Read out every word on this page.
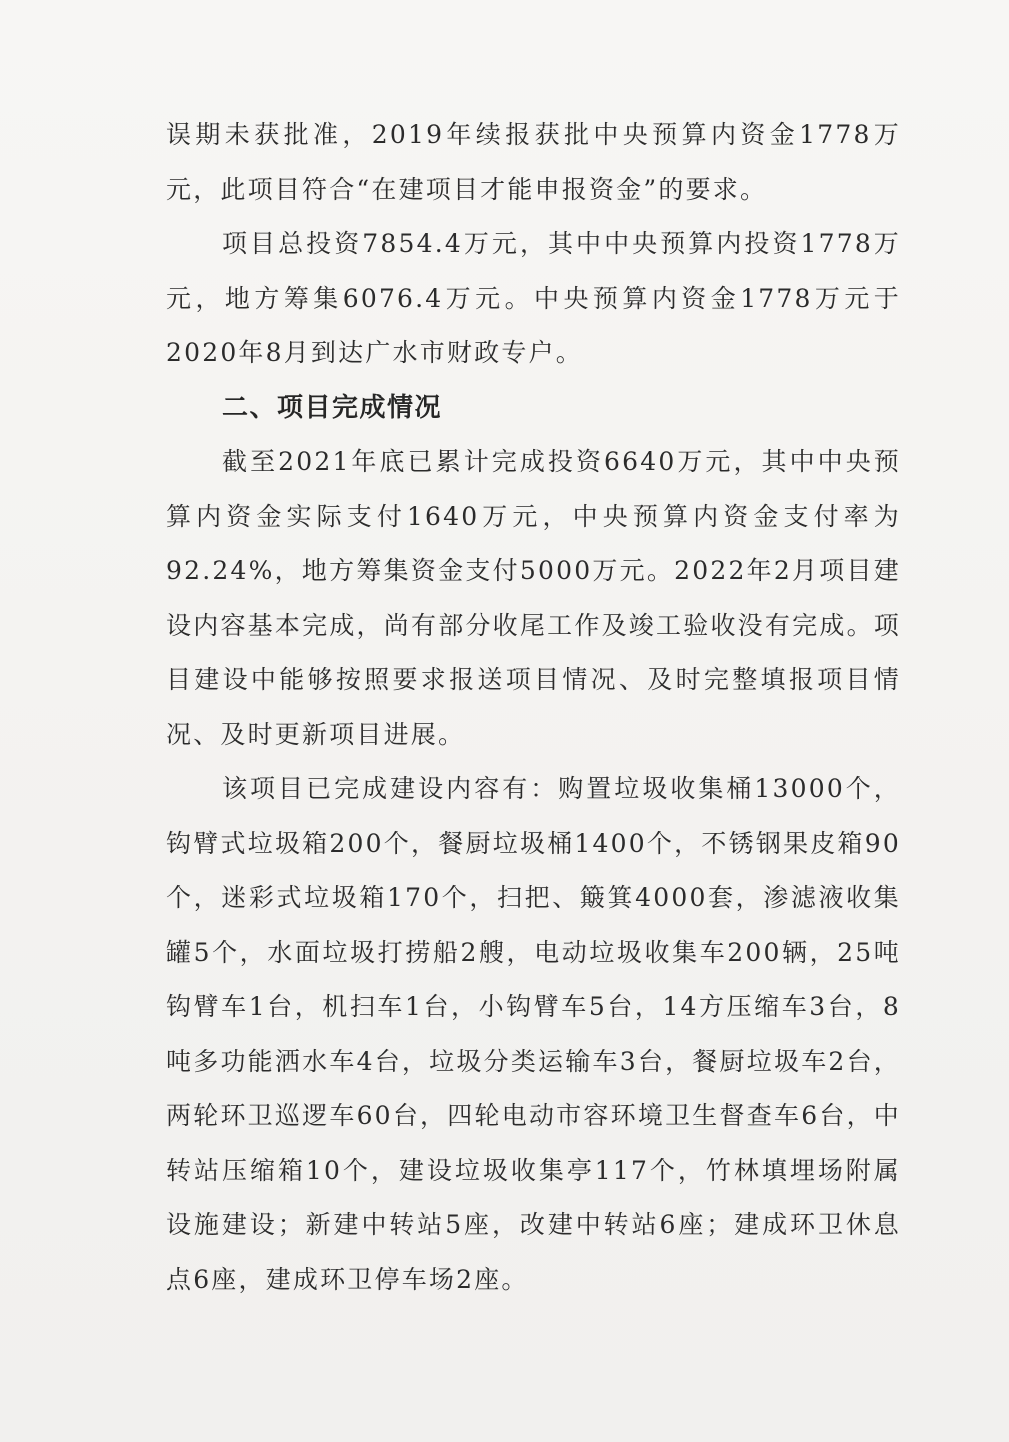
误期未获批准，2019年续报获批中央预算内资金1778万元，此项目符合“在建项目才能申报资金”的要求。

项目总投资7854.4万元，其中中央预算内投资1778万元，地方筹集6076.4万元。中央预算内资金1778万元于2020年8月到达广水市财政专户。

二、项目完成情况

截至2021年底已累计完成投资6640万元，其中中央预算内资金实际支付1640万元，中央预算内资金支付率为92.24%，地方筹集资金支付5000万元。2022年2月项目建设内容基本完成，尚有部分收尾工作及竣工验收没有完成。项目建设中能够按照要求报送项目情况、及时完整填报项目情况、及时更新项目进展。

该项目已完成建设内容有：购置垃圾收集桶13000个，钩臂式垃圾箱200个，餐厨垃圾桶1400个，不锈钢果皮箱90个，迷彩式垃圾箱170个，扫把、簸箕4000套，渗滤液收集罐5个，水面垃圾打捞船2艘，电动垃圾收集车200辆，25吨钩臂车1台，机扫车1台，小钩臂车5台，14方压缩车3台，8吨多功能洒水车4台，垃圾分类运输车3台，餐厨垃圾车2台，两轮环卫巡逻车60台，四轮电动市容环境卫生督查车6台，中转站压缩箱10个，建设垃圾收集亭117个，竹林填埋场附属设施建设；新建中转站5座，改建中转站6座；建成环卫休息点6座，建成环卫停车场2座。
